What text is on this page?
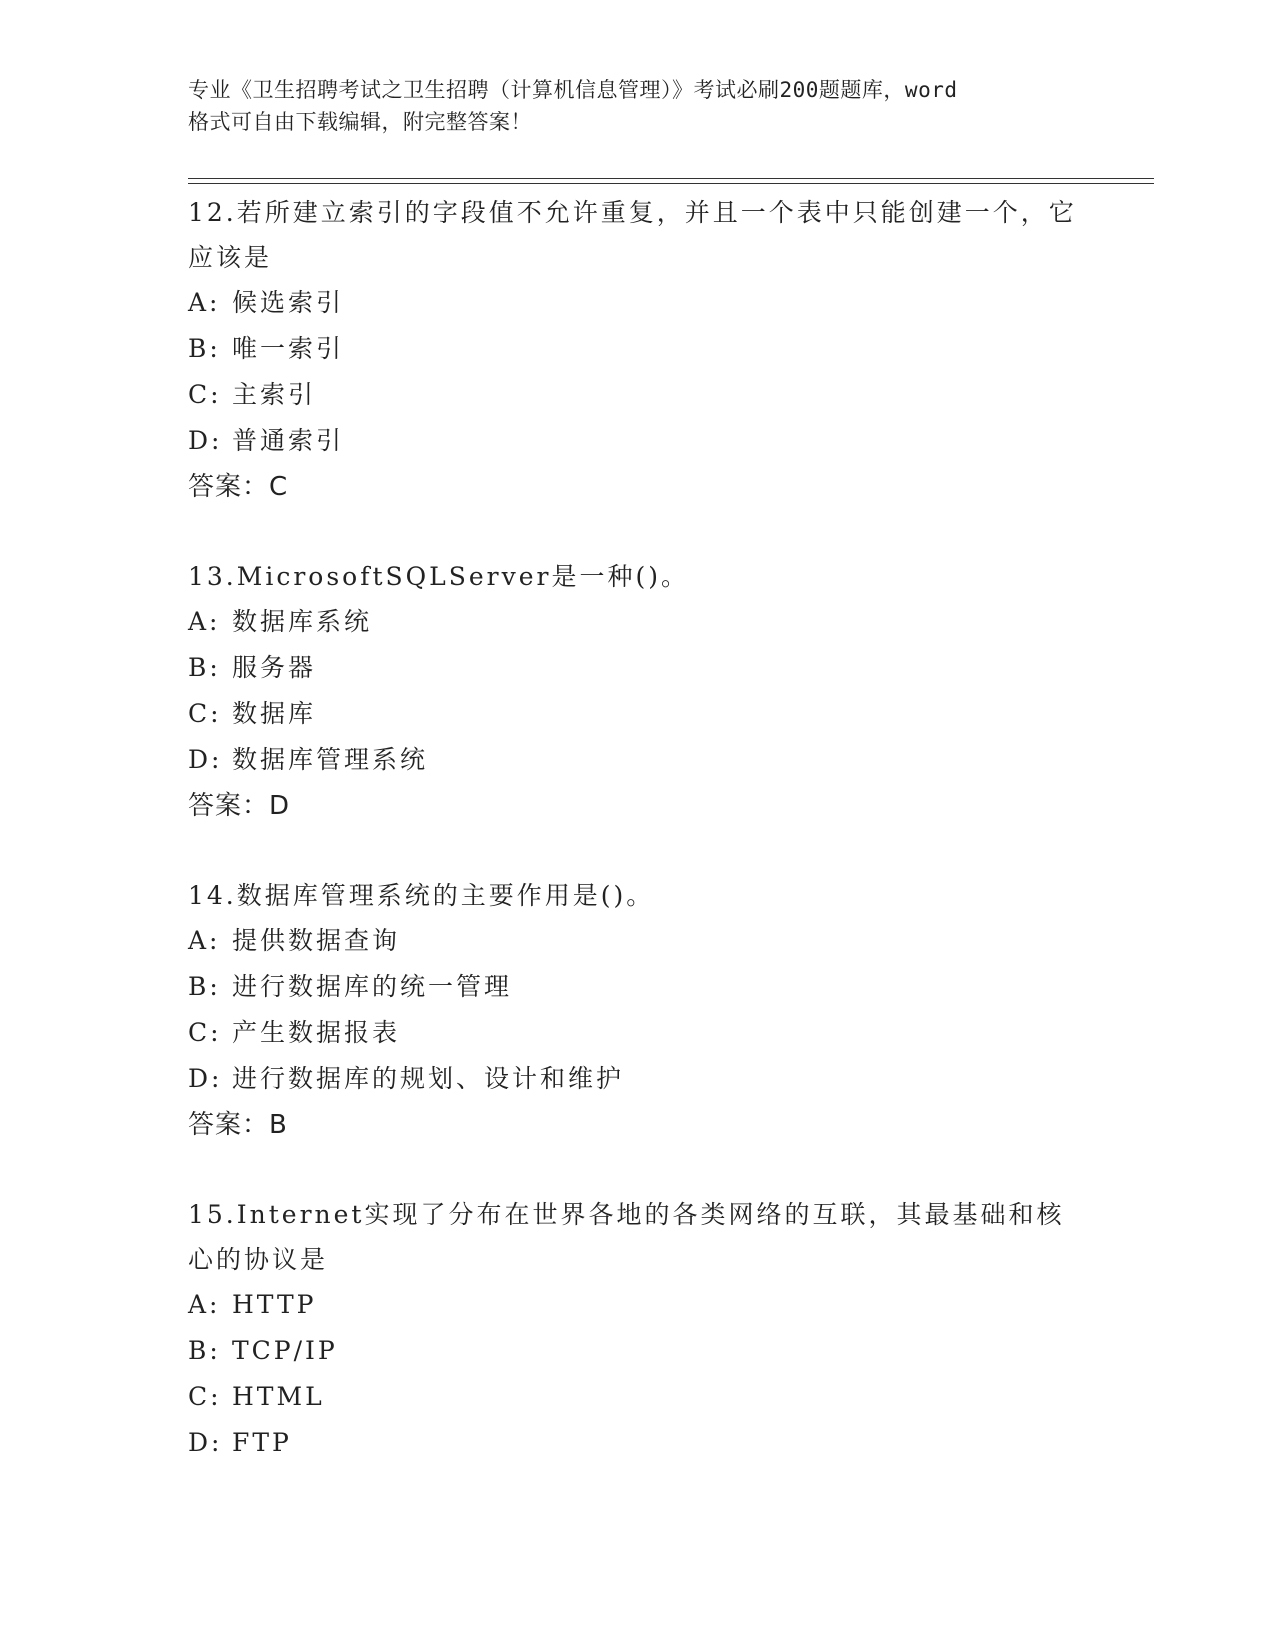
专业《卫生招聘考试之卫生招聘（计算机信息管理）》考试必刷200题题库，word
格式可自由下载编辑，附完整答案！
12.若所建立索引的字段值不允许重复，并且一个表中只能创建一个，它应该是
A: 候选索引
B: 唯一索引
C: 主索引
D: 普通索引
答案：C
13.MicrosoftSQLServer是一种()。
A: 数据库系统
B: 服务器
C: 数据库
D: 数据库管理系统
答案：D
14.数据库管理系统的主要作用是()。
A: 提供数据查询
B: 进行数据库的统一管理
C: 产生数据报表
D: 进行数据库的规划、设计和维护
答案：B
15.Internet实现了分布在世界各地的各类网络的互联，其最基础和核心的协议是
A: HTTP
B: TCP/IP
C: HTML
D: FTP
